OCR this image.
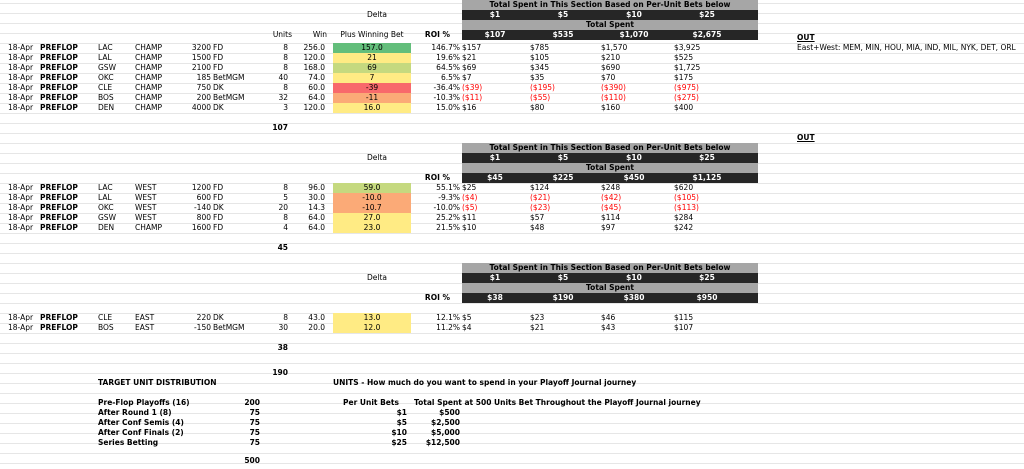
Delta
Total Spent in This Section Based on Per-Unit Bets below
$1	$5	$10	$25
Total Spent
$107	$535	$1,070	$2,675
ROI %
Units	Win	Plus Winning Bet
18-Apr PREFLOP	LAC	CHAMP	3200 FD	8	256.0	157.0	146.7% $157	$785	$1,570	$3,925
18-Apr PREFLOP	LAL	CHAMP	1500 FD	8	120.0	21	19.6% $21	$105	$210	$525
18-Apr PREFLOP	GSW	CHAMP	2100 FD	8	168.0	69	64.5% $69	$345	$690	$1,725
18-Apr PREFLOP	OKC	CHAMP	185 BetMGM	40	74.0	7	6.5% $7	$35	$70	$175
18-Apr PREFLOP	CLE	CHAMP	750 DK	8	60.0	-39	-36.4% ($39)	($195)	($390)	($975)
18-Apr PREFLOP	BOS	CHAMP	200 BetMGM	32	64.0	-11	-10.3% ($11)	($55)	($110)	($275)
18-Apr PREFLOP	DEN	CHAMP	4000 DK	3	120.0	16.0	15.0% $16	$80	$160	$400
107
Delta
Total Spent in This Section Based on Per-Unit Bets below
$1	$5	$10	$25
Total Spent
$45	$225	$450	$1,125
ROI %
18-Apr PREFLOP	LAC	WEST	1200 FD	8	96.0	59.0	55.1% $25	$124	$248	$620
18-Apr PREFLOP	LAL	WEST	600 FD	5	30.0	-10.0	-9.3% ($4)	($21)	($42)	($105)
18-Apr PREFLOP	OKC	WEST	-140 DK	20	14.3	-10.7	-10.0% ($5)	($23)	($45)	($113)
18-Apr PREFLOP	GSW	WEST	800 FD	8	64.0	27.0	25.2% $11	$57	$114	$284
18-Apr PREFLOP	DEN	CHAMP	1600 FD	4	64.0	23.0	21.5% $10	$48	$97	$242
45
Delta
Total Spent in This Section Based on Per-Unit Bets below
$1	$5	$10	$25
Total Spent
$38	$190	$380	$950
ROI %
18-Apr PREFLOP	CLE	EAST	220 DK	8	43.0	13.0	12.1% $5	$23	$46	$115
18-Apr PREFLOP	BOS	EAST	-150 BetMGM	30	20.0	12.0	11.2% $4	$21	$43	$107
38
OUT
East+West: MEM, MIN, HOU, MIA, IND, MIL, NYK, DET, ORL
OUT
190
TARGET UNIT DISTRIBUTION
Pre-Flop Playoffs (16)	200
After Round 1 (8)	75
After Conf Semis (4)	75
After Conf Finals (2)	75
Series Betting	75
500
UNITS - How much do you want to spend in your Playoff Journal journey
Per Unit Bets	Total Spent at 500 Units Bet Throughout the Playoff Journal journey
$1	$500
$5	$2,500
$10	$5,000
$25	$12,500
